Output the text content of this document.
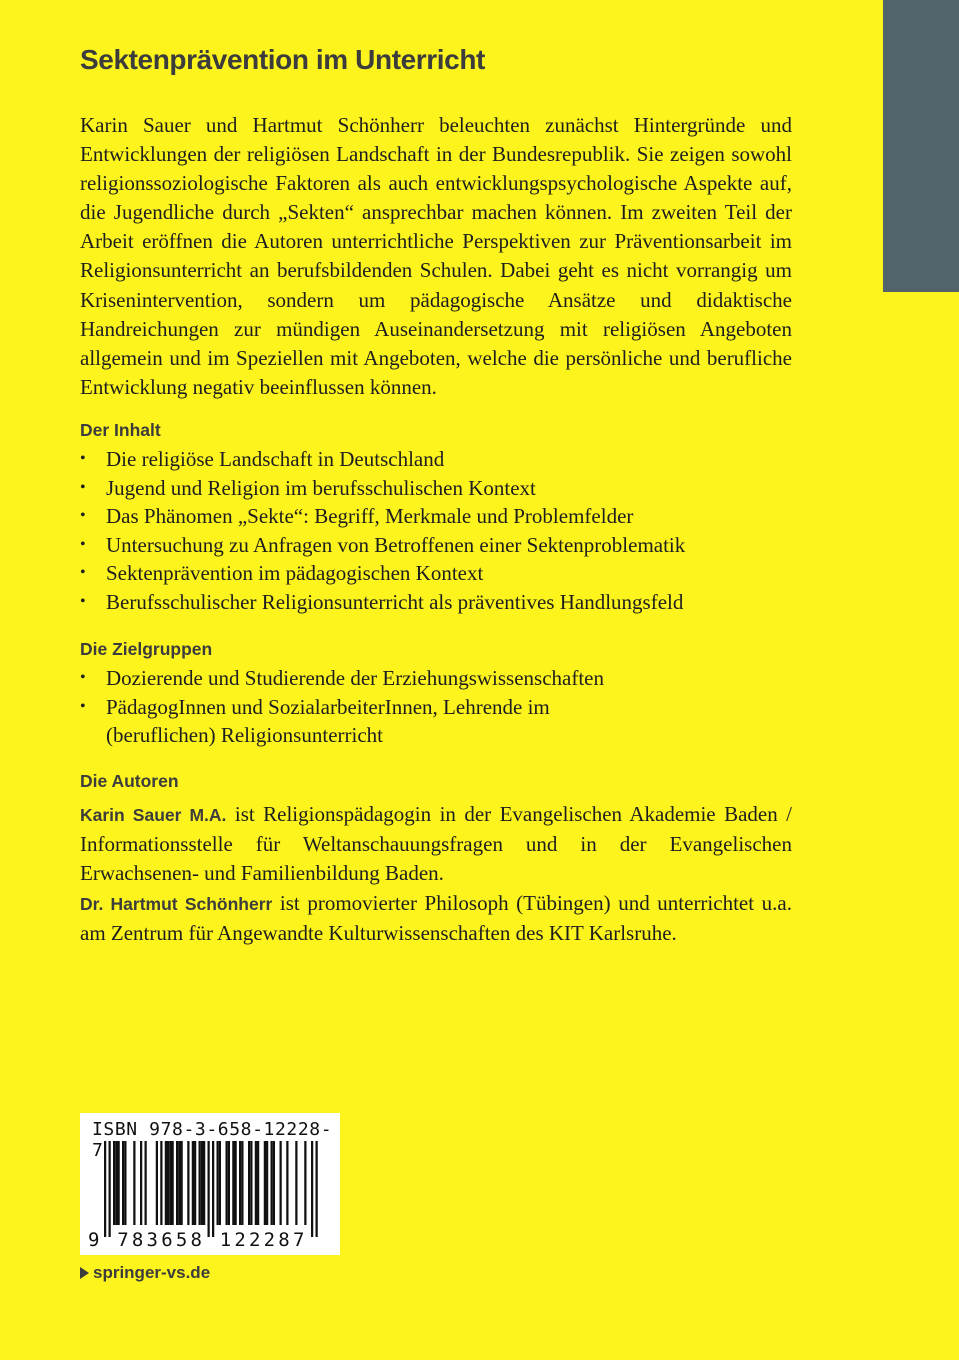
Sektenprävention im Unterricht

Karin Sauer und Hartmut Schönherr beleuchten zunächst Hintergründe und Entwicklungen der religiösen Landschaft in der Bundesrepublik. Sie zeigen sowohl religionssoziologische Faktoren als auch entwicklungspsychologische Aspekte auf, die Jugendliche durch „Sekten“ ansprechbar machen können. Im zweiten Teil der Arbeit eröffnen die Autoren unterrichtliche Perspektiven zur Präventionsarbeit im Religionsunterricht an berufsbildenden Schulen. Dabei geht es nicht vorrangig um Krisenintervention, sondern um pädagogische Ansätze und didaktische Handreichungen zur mündigen Auseinandersetzung mit religiösen Angeboten allgemein und im Speziellen mit Angeboten, welche die persönliche und berufliche Entwicklung negativ beeinflussen können.

Der Inhalt
• Die religiöse Landschaft in Deutschland
• Jugend und Religion im berufsschulischen Kontext
• Das Phänomen „Sekte“: Begriff, Merkmale und Problemfelder
• Untersuchung zu Anfragen von Betroffenen einer Sektenproblematik
• Sektenprävention im pädagogischen Kontext
• Berufsschulischer Religionsunterricht als präventives Handlungsfeld
Die Zielgruppen
• Dozierende und Studierende der Erziehungswissenschaften
• PädagogInnen und SozialarbeiterInnen, Lehrende im (beruflichen) Religionsunterricht
Die Autoren

Karin Sauer M.A. ist Religionspädagogin in der Evangelischen Akademie Baden / Informationsstelle für Weltanschauungsfragen und in der Evangelischen Erwachsenen- und Familienbildung Baden.
Dr. Hartmut Schönherr ist promovierter Philosoph (Tübingen) und unterrichtet u.a. am Zentrum für Angewandte Kulturwissenschaften des KIT Karlsruhe.

ISBN 978-3-658-12228-7
9 783658 122287
springer-vs.de
